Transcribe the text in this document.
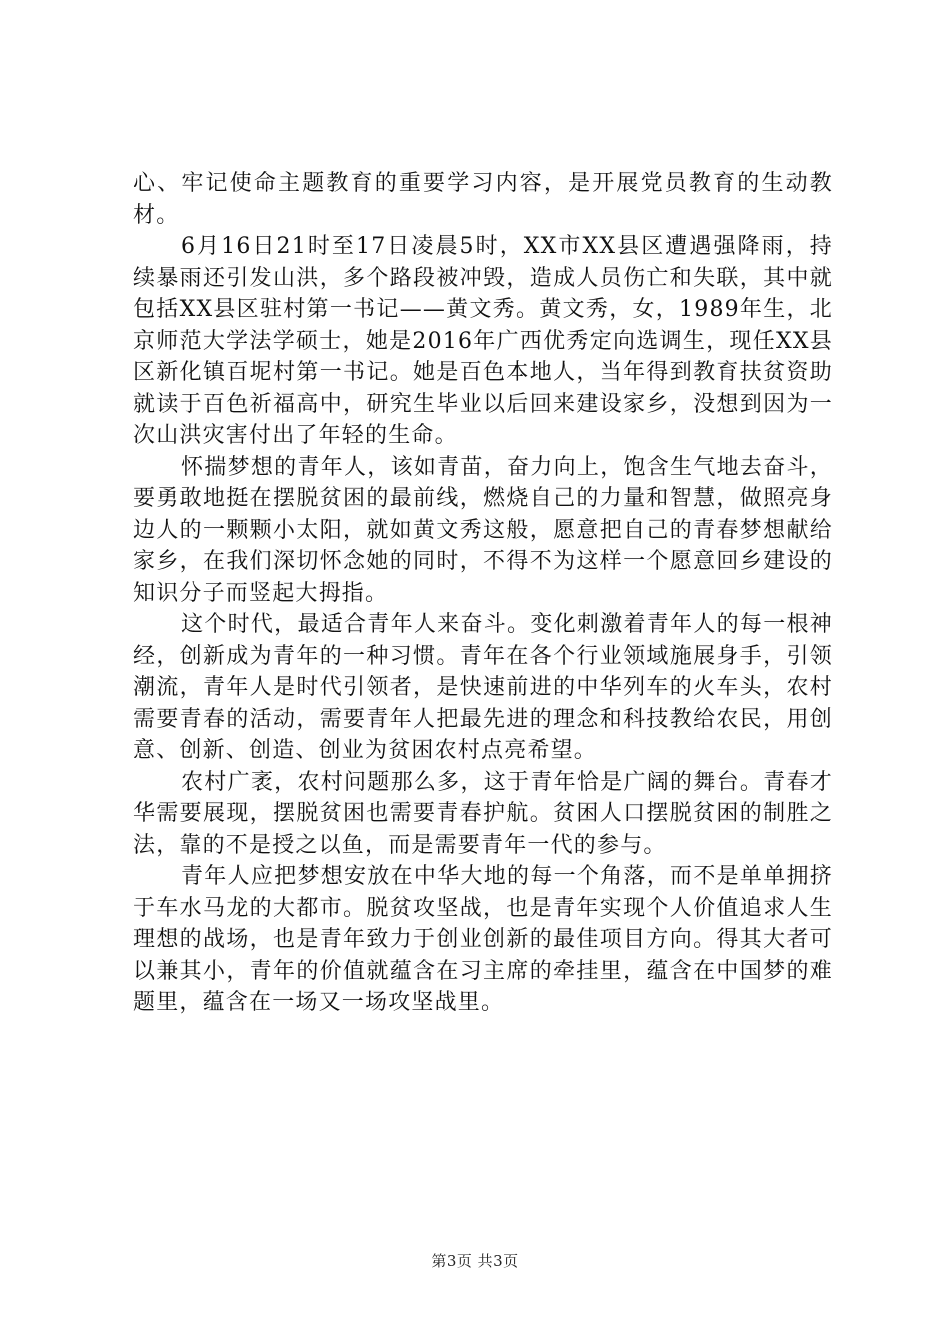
心、牢记使命主题教育的重要学习内容，是开展党员教育的生动教材。

6月16日21时至17日凌晨5时，XX市XX县区遭遇强降雨，持续暴雨还引发山洪，多个路段被冲毁，造成人员伤亡和失联，其中就包括XX县区驻村第一书记——黄文秀。黄文秀，女，1989年生，北京师范大学法学硕士，她是2016年广西优秀定向选调生，现任XX县区新化镇百坭村第一书记。她是百色本地人，当年得到教育扶贫资助就读于百色祈福高中，研究生毕业以后回来建设家乡，没想到因为一次山洪灾害付出了年轻的生命。

怀揣梦想的青年人，该如青苗，奋力向上，饱含生气地去奋斗，要勇敢地挺在摆脱贫困的最前线，燃烧自己的力量和智慧，做照亮身边人的一颗颗小太阳，就如黄文秀这般，愿意把自己的青春梦想献给家乡，在我们深切怀念她的同时，不得不为这样一个愿意回乡建设的知识分子而竖起大拇指。

这个时代，最适合青年人来奋斗。变化刺激着青年人的每一根神经，创新成为青年的一种习惯。青年在各个行业领域施展身手，引领潮流，青年人是时代引领者，是快速前进的中华列车的火车头，农村需要青春的活动，需要青年人把最先进的理念和科技教给农民，用创意、创新、创造、创业为贫困农村点亮希望。

农村广袤，农村问题那么多，这于青年恰是广阔的舞台。青春才华需要展现，摆脱贫困也需要青春护航。贫困人口摆脱贫困的制胜之法，靠的不是授之以鱼，而是需要青年一代的参与。

青年人应把梦想安放在中华大地的每一个角落，而不是单单拥挤于车水马龙的大都市。脱贫攻坚战，也是青年实现个人价值追求人生理想的战场，也是青年致力于创业创新的最佳项目方向。得其大者可以兼其小，青年的价值就蕴含在习主席的牵挂里，蕴含在中国梦的难题里，蕴含在一场又一场攻坚战里。

第3页 共3页
